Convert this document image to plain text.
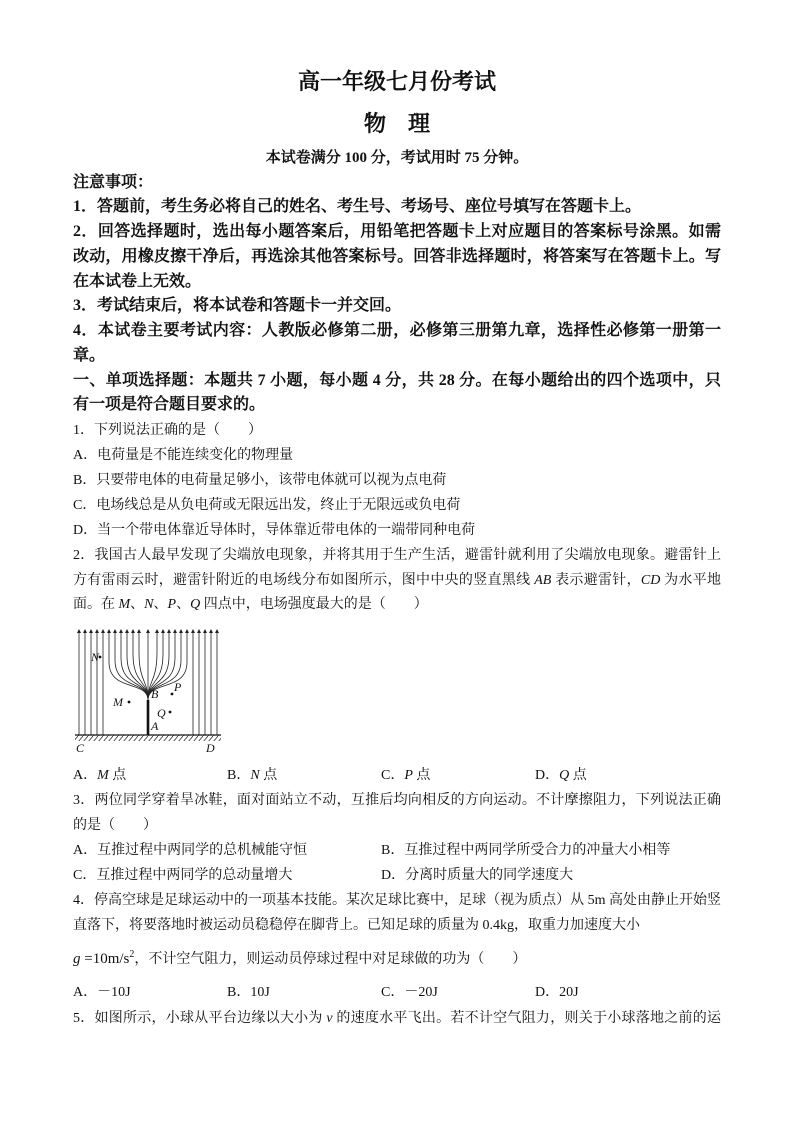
高一年级七月份考试
物　理
本试卷满分 100 分，考试用时 75 分钟。
注意事项：
1．答题前，考生务必将自己的姓名、考生号、考场号、座位号填写在答题卡上。
2．回答选择题时，选出每小题答案后，用铅笔把答题卡上对应题目的答案标号涂黑。如需
改动，用橡皮擦干净后，再选涂其他答案标号。回答非选择题时，将答案写在答题卡上。写
在本试卷上无效。
3．考试结束后，将本试卷和答题卡一并交回。
4．本试卷主要考试内容：人教版必修第二册，必修第三册第九章，选择性必修第一册第一
章。
一、单项选择题：本题共 7 小题，每小题 4 分，共 28 分。在每小题给出的四个选项中，只
有一项是符合题目要求的。
1．下列说法正确的是（　　）
A．电荷量是不能连续变化的物理量
B．只要带电体的电荷量足够小，该带电体就可以视为点电荷
C．电场线总是从负电荷或无限远出发，终止于无限远或负电荷
D．当一个带电体靠近导体时，导体靠近带电体的一端带同种电荷
2．我国古人最早发现了尖端放电现象，并将其用于生产生活，避雷针就利用了尖端放电现象。避雷针上
方有雷雨云时，避雷针附近的电场线分布如图所示，图中中央的竖直黑线 AB 表示避雷针，CD 为水平地
面。在 M、N、P、Q 四点中，电场强度最大的是（　　）
N
M
B P
Q
A
C	D
A．M 点	B．N 点	C．P 点	D．Q 点
3．两位同学穿着旱冰鞋，面对面站立不动，互推后均向相反的方向运动。不计摩擦阻力，下列说法正确
的是（　　）
A．互推过程中两同学的总机械能守恒	B．互推过程中两同学所受合力的冲量大小相等
C．互推过程中两同学的总动量增大	D．分离时质量大的同学速度大
4．停高空球是足球运动中的一项基本技能。某次足球比赛中，足球（视为质点）从 5m 高处由静止开始竖
直落下，将要落地时被运动员稳稳停在脚背上。已知足球的质量为 0.4kg，取重力加速度大小
$g =10m/s^2$，不计空气阻力，则运动员停球过程中对足球做的功为（　　）
A．－10J	B．10J	C．－20J	D．20J
5．如图所示，小球从平台边缘以大小为 v 的速度水平飞出。若不计空气阻力，则关于小球落地之前的运
